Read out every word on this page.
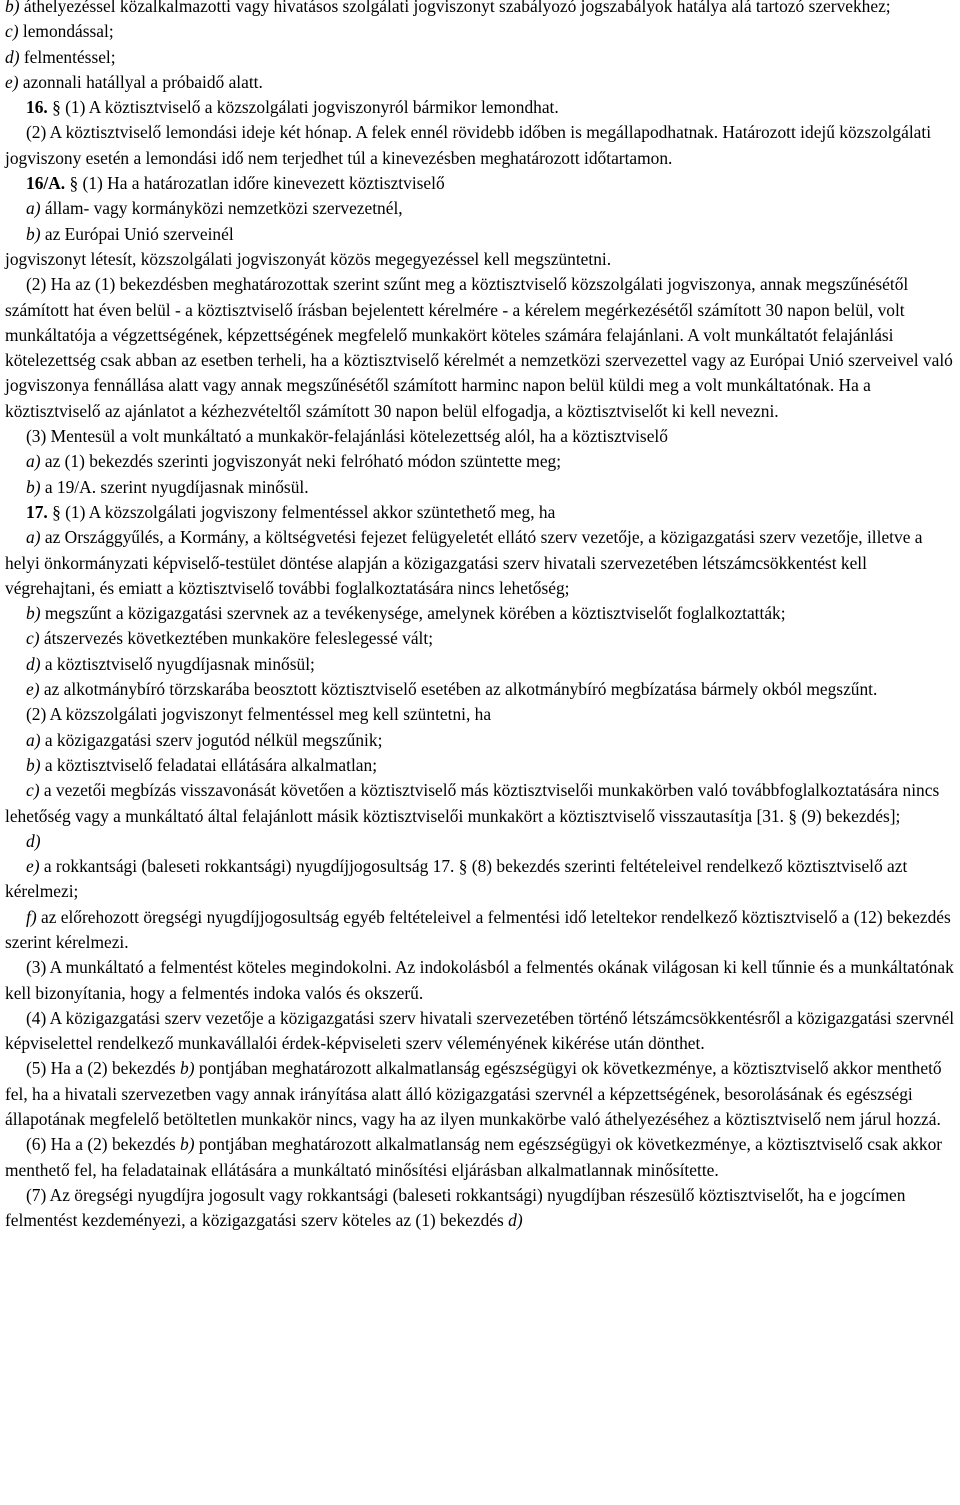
b) áthelyezéssel közalkalmazotti vagy hivatásos szolgálati jogviszonyt szabályozó jogszabályok hatálya alá tartozó szervekhez;

c) lemondással;

d) felmentéssel;

e) azonnali hatállyal a próbaidő alatt.

16. § (1) A köztisztviselő a közszolgálati jogviszonyról bármikor lemondhat.

(2) A köztisztviselő lemondási ideje két hónap. A felek ennél rövidebb időben is megállapodhatnak. Határozott idejű közszolgálati jogviszony esetén a lemondási idő nem terjedhet túl a kinevezésben meghatározott időtartamon.

16/A. § (1) Ha a határozatlan időre kinevezett köztisztviselő

a) állam- vagy kormányközi nemzetközi szervezetnél,

b) az Európai Unió szerveinél

jogviszonyt létesít, közszolgálati jogviszonyát közös megegyezéssel kell megszüntetni.

(2) Ha az (1) bekezdésben meghatározottak szerint szűnt meg a köztisztviselő közszolgálati jogviszonya, annak megszűnésétől számított hat éven belül - a köztisztviselő írásban bejelentett kérelmére - a kérelem megérkezésétől számított 30 napon belül, volt munkáltatója a végzettségének, képzettségének megfelelő munkakört köteles számára felajánlani. A volt munkáltatót felajánlási kötelezettség csak abban az esetben terheli, ha a köztisztviselő kérelmét a nemzetközi szervezettel vagy az Európai Unió szerveivel való jogviszonya fennállása alatt vagy annak megszűnésétől számított harminc napon belül küldi meg a volt munkáltatónak. Ha a köztisztviselő az ajánlatot a kézhezvételtől számított 30 napon belül elfogadja, a köztisztviselőt ki kell nevezni.

(3) Mentesül a volt munkáltató a munkakör-felajánlási kötelezettség alól, ha a köztisztviselő

a) az (1) bekezdés szerinti jogviszonyát neki felróható módon szüntette meg;

b) a 19/A. szerint nyugdíjasnak minősül.

17. § (1) A közszolgálati jogviszony felmentéssel akkor szüntethető meg, ha

a) az Országgyűlés, a Kormány, a költségvetési fejezet felügyeletét ellátó szerv vezetője, a közigazgatási szerv vezetője, illetve a helyi önkormányzati képviselő-testület döntése alapján a közigazgatási szerv hivatali szervezetében létszámcsökkentést kell végrehajtani, és emiatt a köztisztviselő további foglalkoztatására nincs lehetőség;

b) megszűnt a közigazgatási szervnek az a tevékenysége, amelynek körében a köztisztviselőt foglalkoztatták;

c) átszervezés következtében munkaköre feleslegessé vált;

d) a köztisztviselő nyugdíjasnak minősül;

e) az alkotmánybíró törzskarába beosztott köztisztviselő esetében az alkotmánybíró megbízatása bármely okból megszűnt.

(2) A közszolgálati jogviszonyt felmentéssel meg kell szüntetni, ha

a) a közigazgatási szerv jogutód nélkül megszűnik;

b) a köztisztviselő feladatai ellátására alkalmatlan;

c) a vezetői megbízás visszavonását követően a köztisztviselő más köztisztviselői munkakörben való továbbfoglalkoztatására nincs lehetőség vagy a munkáltató által felajánlott másik köztisztviselői munkakört a köztisztviselő visszautasítja [31. § (9) bekezdés];

d)

e) a rokkantsági (baleseti rokkantsági) nyugdíjjogosultság 17. § (8) bekezdés szerinti feltételeivel rendelkező köztisztviselő azt kérelmezi;

f) az előrehozott öregségi nyugdíjjogosultság egyéb feltételeivel a felmentési idő leteltekor rendelkező köztisztviselő a (12) bekezdés szerint kérelmezi.

(3) A munkáltató a felmentést köteles megindokolni. Az indokolásból a felmentés okának világosan ki kell tűnnie és a munkáltatónak kell bizonyítania, hogy a felmentés indoka valós és okszerű.

(4) A közigazgatási szerv vezetője a közigazgatási szerv hivatali szervezetében történő létszámcsökkentésről a közigazgatási szervnél képviselettel rendelkező munkavállalói érdek-képviseleti szerv véleményének kikérése után dönthet.

(5) Ha a (2) bekezdés b) pontjában meghatározott alkalmatlanság egészségügyi ok következménye, a köztisztviselő akkor menthető fel, ha a hivatali szervezetben vagy annak irányítása alatt álló közigazgatási szervnél a képzettségének, besorolásának és egészségi állapotának megfelelő betöltetlen munkakör nincs, vagy ha az ilyen munkakörbe való áthelyezéséhez a köztisztviselő nem járul hozzá.

(6) Ha a (2) bekezdés b) pontjában meghatározott alkalmatlanság nem egészségügyi ok következménye, a köztisztviselő csak akkor menthető fel, ha feladatainak ellátására a munkáltató minősítési eljárásban alkalmatlannak minősítette.

(7) Az öregségi nyugdíjra jogosult vagy rokkantsági (baleseti rokkantsági) nyugdíjban részesülő köztisztviselőt, ha e jogcímen felmentést kezdeményezi, a közigazgatási szerv köteles az (1) bekezdés d)
